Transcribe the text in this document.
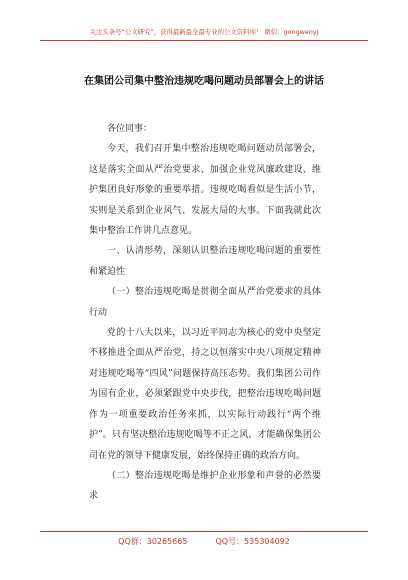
关注头条号“公文研究”，获得最新最全最专业的公文资料库！ 微信：gongwenyj
在集团公司集中整治违规吃喝问题动员部署会上的讲话

各位同事：

今天，我们召开集中整治违规吃喝问题动员部署会，这是落实全面从严治党要求、加强企业党风廉政建设、维护集团良好形象的重要举措。违规吃喝看似是生活小节，实则是关系到企业风气、发展大局的大事。下面我就此次集中整治工作讲几点意见。

一、认清形势，深刻认识整治违规吃喝问题的重要性和紧迫性

（一）整治违规吃喝是贯彻全面从严治党要求的具体行动

党的十八大以来，以习近平同志为核心的党中央坚定不移推进全面从严治党，持之以恒落实中央八项规定精神对违规吃喝等“四风”问题保持高压态势。我们集团公司作为国有企业，必须紧跟党中央步伐，把整治违规吃喝问题作为一项重要政治任务来抓，以实际行动践行“两个维护”。只有坚决整治违规吃喝等不正之风，才能确保集团公司在党的领导下健康发展，始终保持正确的政治方向。

（二）整治违规吃喝是维护企业形象和声誉的必然要求

QQ群：30265665	QQ号：535304092
